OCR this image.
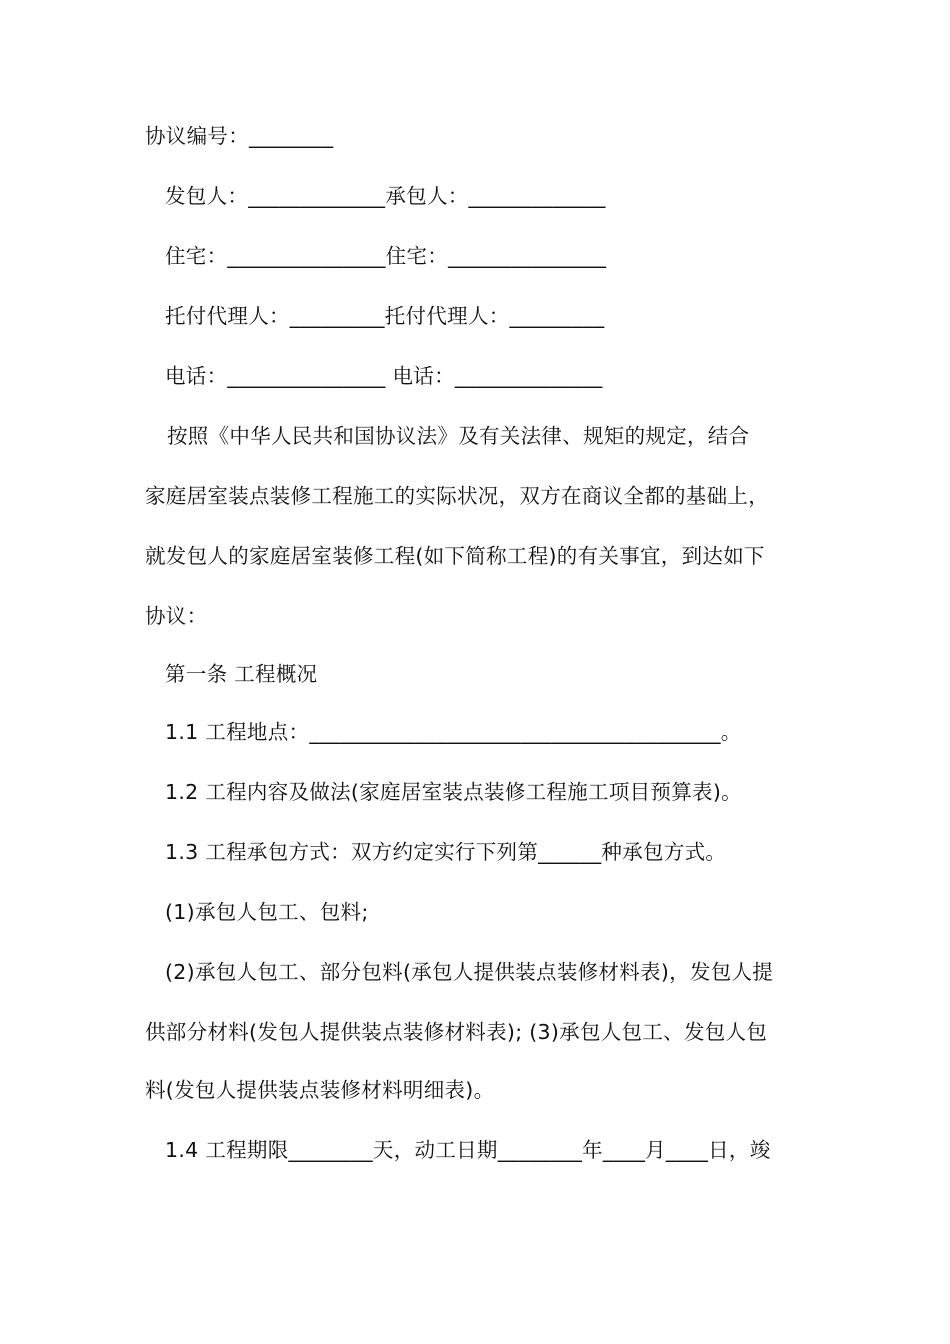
协议编号：________
发包人：_____________承包人：_____________
住宅：_______________住宅：_______________
托付代理人：_________托付代理人：_________
电话：_______________ 电话：______________
按照《中华人民共和国协议法》及有关法律、规矩的规定，结合
家庭居室装点装修工程施工的实际状况，双方在商议全都的基础上，
就发包人的家庭居室装修工程(如下简称工程)的有关事宜，到达如下
协议：
第一条 工程概况
1.1 工程地点：_______________________________________。
1.2 工程内容及做法(家庭居室装点装修工程施工项目预算表)。
1.3 工程承包方式：双方约定实行下列第______种承包方式。
(1)承包人包工、包料;
(2)承包人包工、部分包料(承包人提供装点装修材料表)，发包人提
供部分材料(发包人提供装点装修材料表); (3)承包人包工、发包人包
料(发包人提供装点装修材料明细表)。
1.4 工程期限________天，动工日期________年____月____日，竣
